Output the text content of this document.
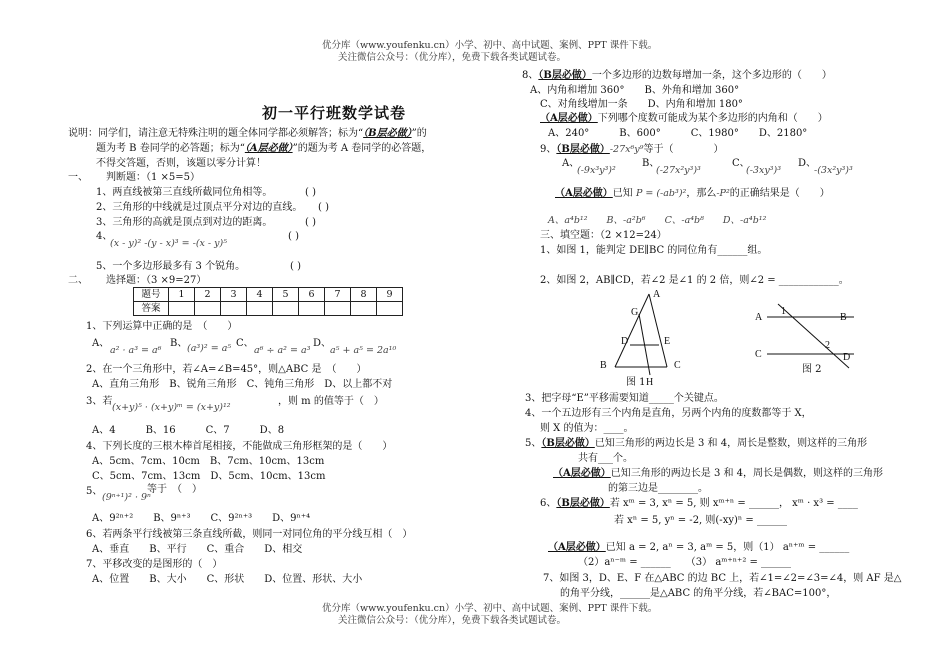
优分库（www.youfenku.cn）小学、初中、高中试题、案例、PPT 课件下载。
关注微信公众号：（优分库），免费下载各类试题试卷。
初一平行班数学试卷
说明：同学们，请注意无特殊注明的题全体同学都必须解答；标为“（B层必做）”的
题为考 B 卷同学的必答题；标为“（A层必做）”的题为考 A 卷同学的必答题，
不得交答题，否则，该题以零分计算！
一、 判断题：（1 ×5=5）
1、两直线被第三直线所截同位角相等。	( )
2、三角形的中线就是过顶点平分对边的直线。 ( )
3、三角形的高就是顶点到对边的距离。	( )
4、	( )
(x - y)² -(y - x)³ = -(x - y)⁵
5、一个多边形最多有 3 个锐角。	( )
二、 选择题：（3 ×9=27）
题号	1	2	3	4	5	6	7	8	9
答案									
1、下列运算中正确的是　（　　）
A、
a² · a³ = a⁶
B、 (a³)² = a⁵ C、
a⁶ ÷ a² = a³
D、
a⁵ + a⁵ = 2a¹⁰
2、在一个三角形中，若∠A=∠B=45°，则△ABC 是　（　　）
A、直角三角形　B、锐角三角形　C、钝角三角形　D、以上都不对
3、若
(x+y)⁵ · (x+y)ᵐ = (x+y)¹²
，则 m 的值等于（　）
A、4　　　B、16　　　C、7　　　D、8
4、下列长度的三根木棒首尾相接，不能做成三角形框架的是（　　）
A、5cm、7cm、10cm　B、7cm、10cm、13cm
C、5cm、7cm、13cm　D、5cm、10cm、13cm
5、
(9ⁿ⁺¹)² · 9ⁿ
等于　（　）
A、9²ⁿ⁺²　　B、9ⁿ⁺³　　C、9²ⁿ⁺³　　D、9ⁿ⁺⁴
6、若两条平行线被第三条直线所截，则同一对同位角的平分线互相（　）
A、垂直　　B、平行　　C、重合　　D、相交
7、平移改变的是图形的（　）
A、位置　　B、大小　　C、形状　　D、位置、形状、大小
8、（B层必做）一个多边形的边数每增加一条，这个多边形的（　　）
A、内角和增加 360°　　B、外角和增加 360°
C、对角线增加一条　　D、内角和增加 180°
（A层必做）下列哪个度数可能成为某个多边形的内角和（　　）
A、240°　　　B、600°　　　C、1980°　　D、2180°
9、（B层必做）-27x⁶y⁹等于（　　　　）
A、
(-9x³y³)²
B、
(-27x²y³)³
C、
(-3xy³)³
D、
-(3x²y³)³
（A层必做）已知 P = (-ab³)²，那么-P²的正确结果是（　　）
A、a⁴b¹²　　B、-a²b⁶　　C、-a⁴b⁸　　D、-a⁴b¹²
三、填空题：（2 ×12=24）
1、如图 1，能判定 DE∥BC 的同位角有______组。
2、如图 2，AB∥CD，若∠2 是∠1 的 2 倍，则∠2 = ____________。
A
G
D	E
B	C
H
图 1
A
1
B
C
2
D
图 2
3、把字母“E”平移需要知道_____个关键点。
4、一个五边形有三个内角是直角，另两个内角的度数都等于 X，
则 X 的值为：____。
5、（B层必做）已知三角形的两边长是 3 和 4，周长是整数，则这样的三角形
共有___个。
（A层必做）已知三角形的两边长是 3 和 4，周长是偶数，则这样的三角形
的第三边是________。
6、（B层必做）若 xᵐ = 3, xⁿ = 5, 则 xᵐ⁺ⁿ = ______， xᵐ · x³ = ____
若 xⁿ = 5, yⁿ = -2, 则(-xy)ⁿ = ______
（A层必做）已知 a = 2, aⁿ = 3, aᵐ = 5，则（1） aⁿ⁺ᵐ = ______
（2）aⁿ⁻ᵐ = ______　　（3） aᵐ⁺ⁿ⁺² = ______
7、如图 3，D、E、F 在△ABC 的边 BC 上，若∠1=∠2=∠3=∠4，则 AF 是△
的角平分线，______是△ABC 的角平分线，若∠BAC=100°，
优分库（www.youfenku.cn）小学、初中、高中试题、案例、PPT 课件下载。
关注微信公众号：（优分库），免费下载各类试题试卷。
